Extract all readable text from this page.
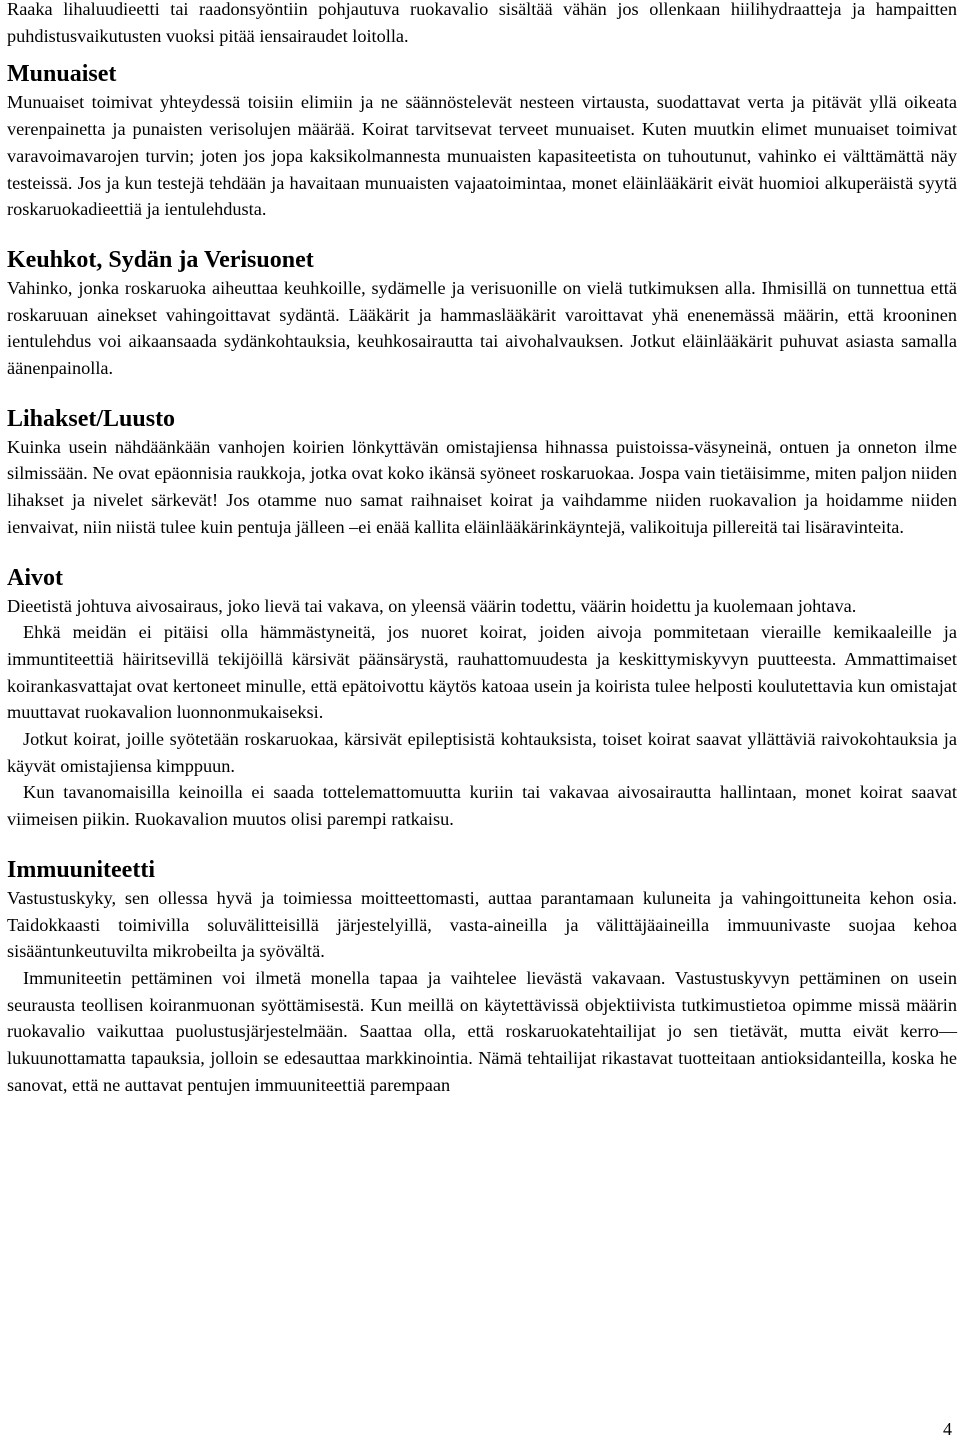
Raaka lihaluudieetti tai raadonsyöntiin pohjautuva ruokavalio sisältää vähän jos ollenkaan hiilihydraatteja ja hampaitten puhdistusvaikutusten vuoksi pitää iensairaudet loitolla.

Munuaiset

Munuaiset toimivat yhteydessä toisiin elimiin ja ne säännöstelevät nesteen virtausta, suodattavat verta ja pitävät yllä oikeata verenpainetta ja punaisten verisolujen määrää. Koirat tarvitsevat terveet munuaiset. Kuten muutkin elimet munuaiset toimivat varavoimavarojen turvin; joten jos jopa kaksikolmannesta munuaisten kapasiteetista on tuhoutunut, vahinko ei välttämättä näy testeissä. Jos ja kun testejä tehdään ja havaitaan munuaisten vajaatoimintaa, monet eläinlääkärit eivät huomioi alkuperäistä syytä roskaruokadieettiä ja ientulehdusta.

Keuhkot, Sydän ja Verisuonet

Vahinko, jonka roskaruoka aiheuttaa keuhkoille, sydämelle ja verisuonille on vielä tutkimuksen alla. Ihmisillä on tunnettua että roskaruuan ainekset vahingoittavat sydäntä. Lääkärit ja hammaslääkärit varoittavat yhä enenemässä määrin, että krooninen ientulehdus voi aikaansaada sydänkohtauksia, keuhkosairautta tai aivohalvauksen. Jotkut eläinlääkärit puhuvat asiasta samalla äänenpainolla.

Lihakset/Luusto

Kuinka usein nähdäänkään vanhojen koirien lönkyttävän omistajiensa hihnassa puistoissa-väsyneinä, ontuen ja onneton ilme silmissään. Ne ovat epäonnisia raukkoja, jotka ovat koko ikänsä syöneet roskaruokaa. Jospa vain tietäisimme, miten paljon niiden lihakset ja nivelet särkevät! Jos otamme nuo samat raihnaiset koirat ja vaihdamme niiden ruokavalion ja hoidamme niiden ienvaivat, niin niistä tulee kuin pentuja jälleen –ei enää kallita eläinlääkärinkäyntejä, valikoituja pillereitä tai lisäravinteita.

Aivot

Dieetistä johtuva aivosairaus, joko lievä tai vakava, on yleensä väärin todettu, väärin hoidettu ja kuolemaan johtava.

Ehkä meidän ei pitäisi olla hämmästyneitä, jos nuoret koirat, joiden aivoja pommitetaan vieraille kemikaaleille ja immuntiteettiä häiritsevillä tekijöillä kärsivät päänsärystä, rauhattomuudesta ja keskittymiskyvyn puutteesta. Ammattimaiset koirankasvattajat ovat kertoneet minulle, että epätoivottu käytös katoaa usein ja koirista tulee helposti koulutettavia kun omistajat muuttavat ruokavalion luonnonmukaiseksi.

Jotkut koirat, joille syötetään roskaruokaa, kärsivät epileptisistä kohtauksista, toiset koirat saavat yllättäviä raivokohtauksia ja käyvät omistajiensa kimppuun.

Kun tavanomaisilla keinoilla ei saada tottelemattomuutta kuriin tai vakavaa aivosairautta hallintaan, monet koirat saavat viimeisen piikin. Ruokavalion muutos olisi parempi ratkaisu.

Immuuniteetti

Vastustuskyky, sen ollessa hyvä ja toimiessa moitteettomasti, auttaa parantamaan kuluneita ja vahingoittuneita kehon osia. Taidokkaasti toimivilla soluvälitteisillä järjestelyillä, vasta-aineilla ja välittäjäaineilla immuunivaste suojaa kehoa sisääntunkeutuvilta mikrobeilta ja syövältä.

Immuniteetin pettäminen voi ilmetä monella tapaa ja vaihtelee lievästä vakavaan. Vastustuskyvyn pettäminen on usein seurausta teollisen koiranmuonan syöttämisestä. Kun meillä on käytettävissä objektiivista tutkimustietoa opimme missä määrin ruokavalio vaikuttaa puolustusjärjestelmään. Saattaa olla, että roskaruokatehtailijat jo sen tietävät, mutta eivät kerro— lukuunottamatta tapauksia, jolloin se edesauttaa markkinointia. Nämä tehtailijat rikastavat tuotteitaan antioksidanteilla, koska he sanovat, että ne auttavat pentujen immuuniteettiä parempaan

4
